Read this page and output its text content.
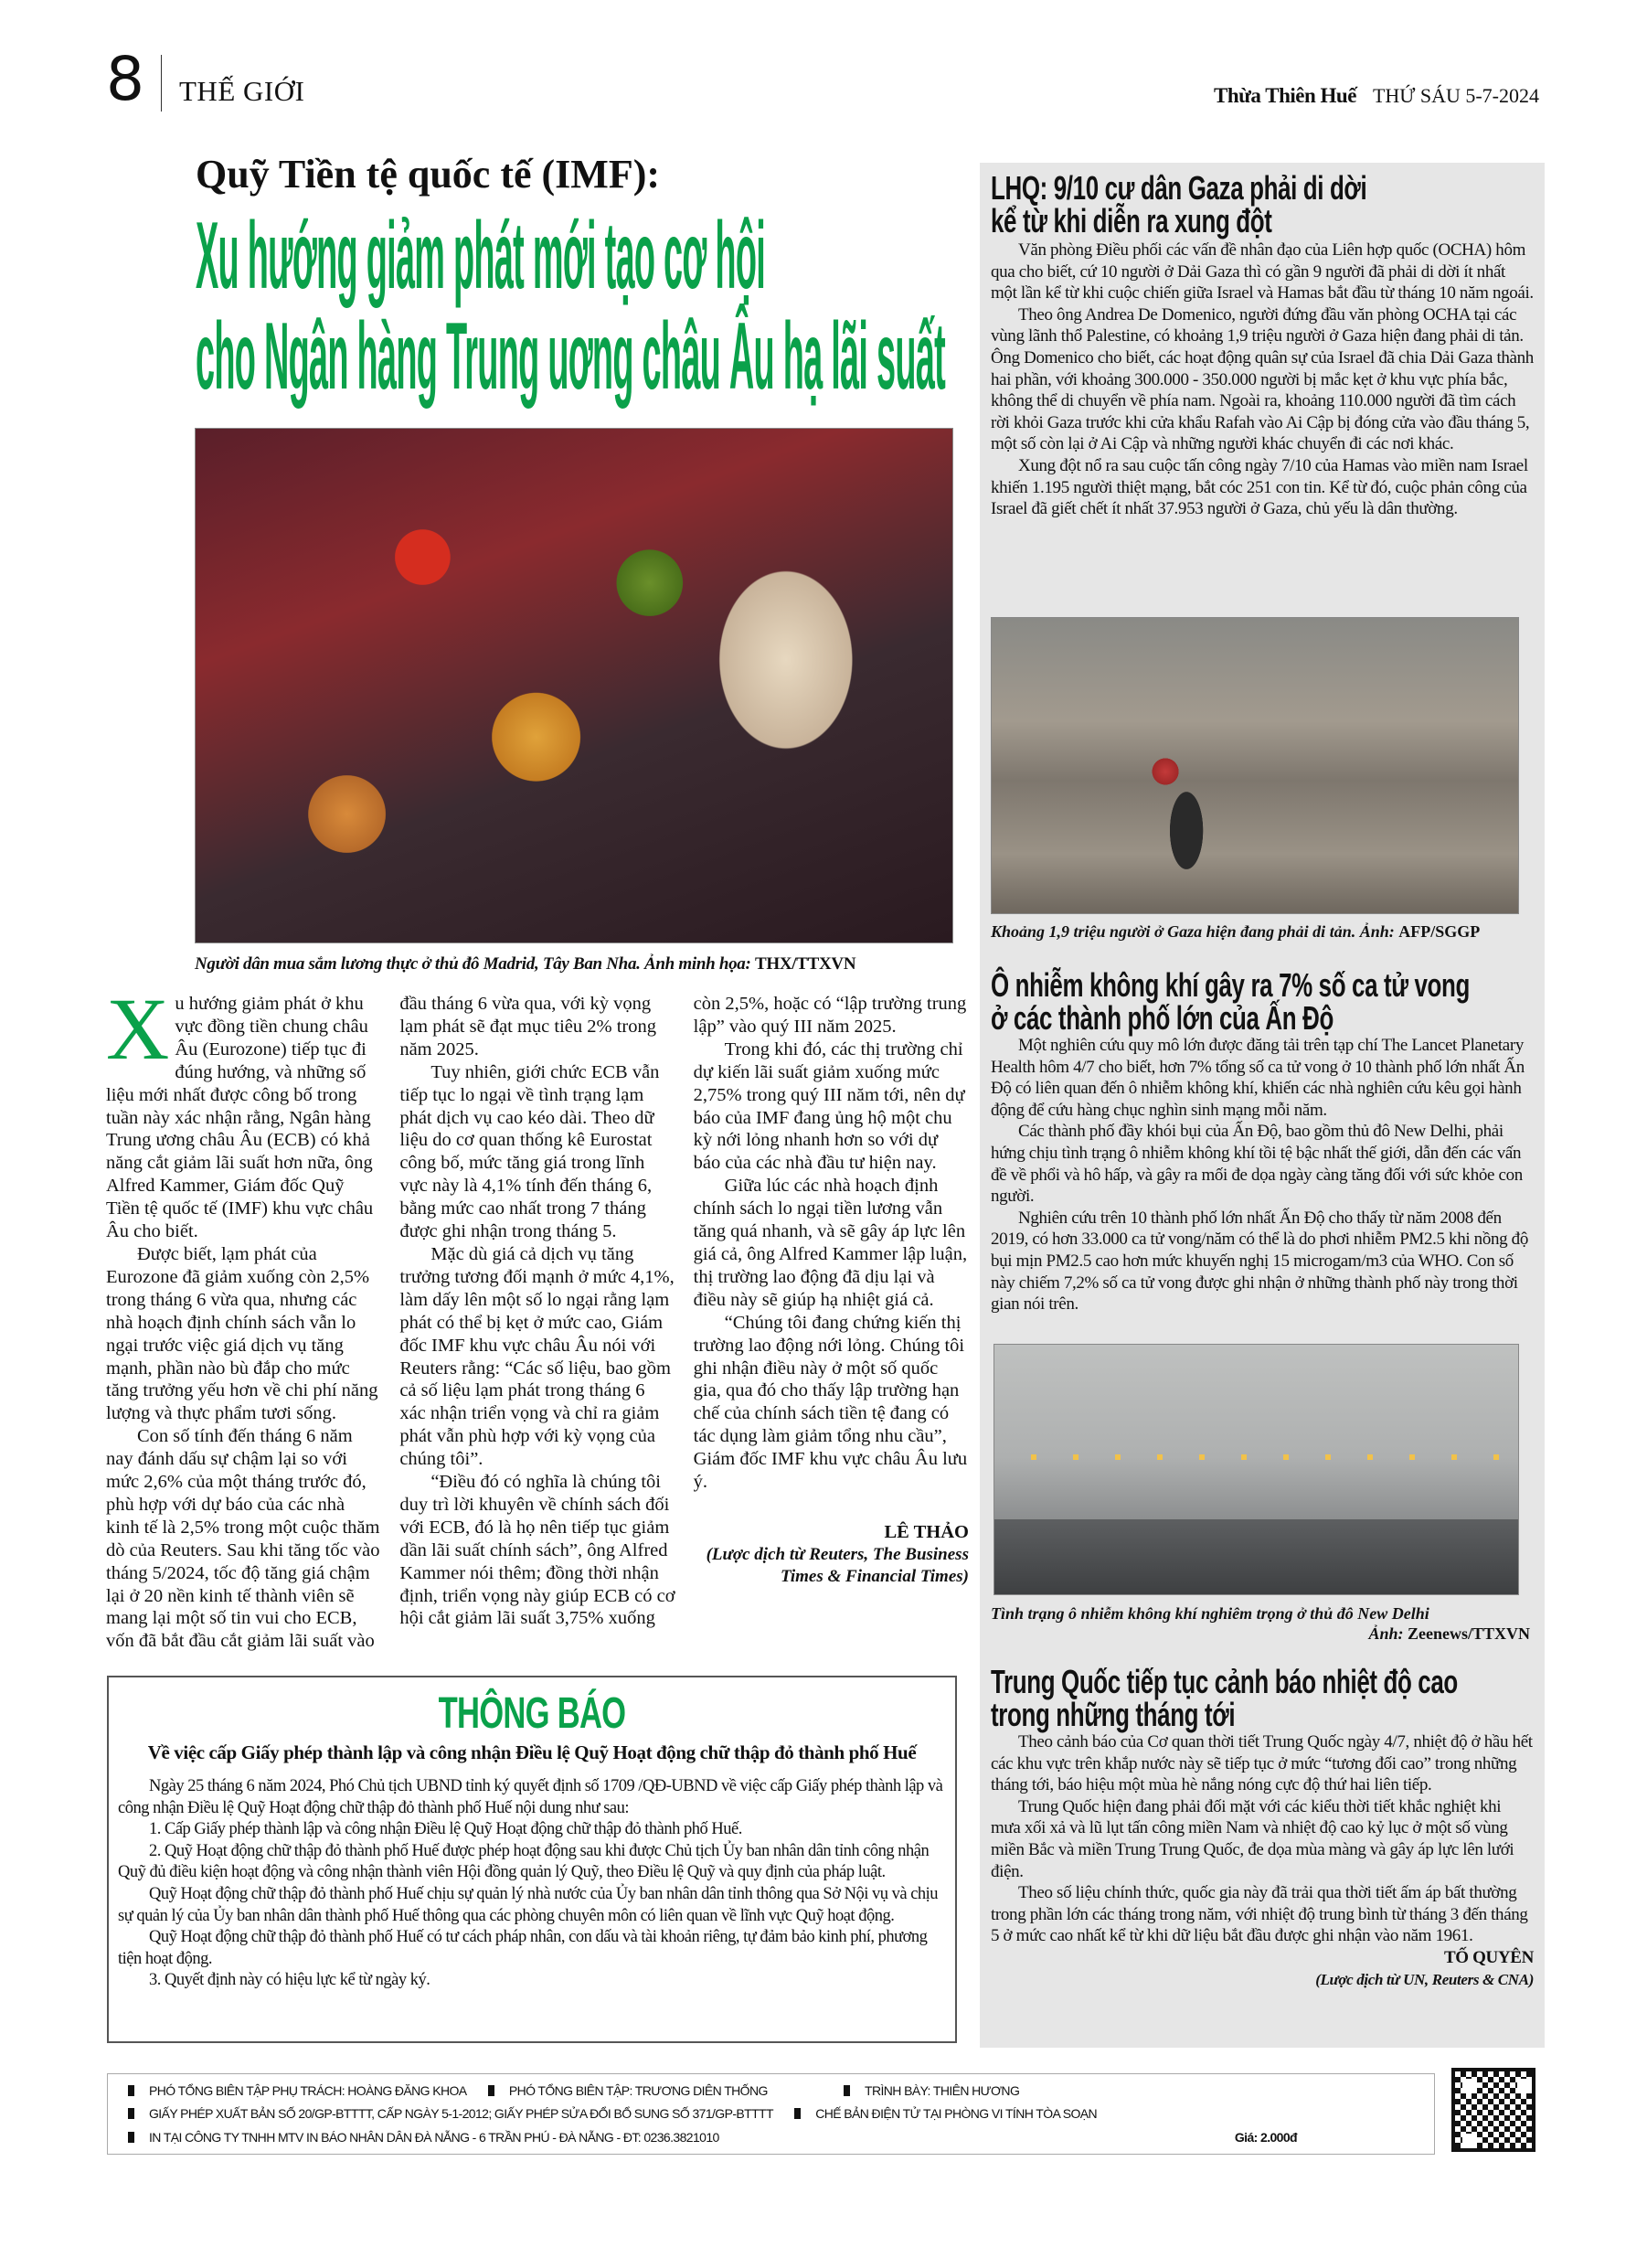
8 THẾ GIỚI	Thừa Thiên Huế THỨ SÁU 5-7-2024
Quỹ Tiền tệ quốc tế (IMF):
Xu hướng giảm phát mới tạo cơ hội
cho Ngân hàng Trung uơng châu Âu hạ lãi suất
Người dân mua sắm lương thực ở thủ đô Madrid, Tây Ban Nha. Ảnh minh họa: THX/TTXVN

Xu hướng giảm phát ở khu vực đồng tiền chung châu Âu (Eurozone) tiếp tục đi đúng hướng, và những số liệu mới nhất được công bố trong tuần này xác nhận rằng, Ngân hàng Trung ương châu Âu (ECB) có khả năng cắt giảm lãi suất hơn nữa, ông Alfred Kammer, Giám đốc Quỹ Tiền tệ quốc tế (IMF) khu vực châu Âu cho biết.

Được biết, lạm phát của Eurozone đã giảm xuống còn 2,5% trong tháng 6 vừa qua, nhưng các nhà hoạch định chính sách vẫn lo ngại trước việc giá dịch vụ tăng mạnh, phần nào bù đắp cho mức tăng trưởng yếu hơn về chi phí năng lượng và thực phẩm tươi sống.

Con số tính đến tháng 6 năm nay đánh dấu sự chậm lại so với mức 2,6% của một tháng trước đó, phù hợp với dự báo của các nhà kinh tế là 2,5% trong một cuộc thăm dò của Reuters. Sau khi tăng tốc vào tháng 5/2024, tốc độ tăng giá chậm lại ở 20 nền kinh tế thành viên sẽ mang lại một số tin vui cho ECB, vốn đã bắt đầu cắt giảm lãi suất vào đầu tháng 6 vừa qua, với kỳ vọng lạm phát sẽ đạt mục tiêu 2% trong năm 2025.

Tuy nhiên, giới chức ECB vẫn tiếp tục lo ngại về tình trạng lạm phát dịch vụ cao kéo dài. Theo dữ liệu do cơ quan thống kê Eurostat công bố, mức tăng giá trong lĩnh vực này là 4,1% tính đến tháng 6, bằng mức cao nhất trong 7 tháng được ghi nhận trong tháng 5.

Mặc dù giá cả dịch vụ tăng trưởng tương đối mạnh ở mức 4,1%, làm dấy lên một số lo ngại rằng lạm phát có thể bị kẹt ở mức cao, Giám đốc IMF khu vực châu Âu nói với Reuters rằng: “Các số liệu, bao gồm cả số liệu lạm phát trong tháng 6 xác nhận triển vọng và chỉ ra giảm phát vẫn phù hợp với kỳ vọng của chúng tôi”.

“Điều đó có nghĩa là chúng tôi duy trì lời khuyên về chính sách đối với ECB, đó là họ nên tiếp tục giảm dần lãi suất chính sách”, ông Alfred Kammer nói thêm; đồng thời nhận định, triển vọng này giúp ECB có cơ hội cắt giảm lãi suất 3,75% xuống còn 2,5%, hoặc có “lập trường trung lập” vào quý III năm 2025.

Trong khi đó, các thị trường chỉ dự kiến lãi suất giảm xuống mức 2,75% trong quý III năm tới, nên dự báo của IMF đang ủng hộ một chu kỳ nới lỏng nhanh hơn so với dự báo của các nhà đầu tư hiện nay.

Giữa lúc các nhà hoạch định chính sách lo ngại tiền lương vẫn tăng quá nhanh, và sẽ gây áp lực lên giá cả, ông Alfred Kammer lập luận, thị trường lao động đã dịu lại và điều này sẽ giúp hạ nhiệt giá cả.

“Chúng tôi đang chứng kiến thị trường lao động nới lỏng. Chúng tôi ghi nhận điều này ở một số quốc gia, qua đó cho thấy lập trường hạn chế của chính sách tiền tệ đang có tác dụng làm giảm tổng nhu cầu”, Giám đốc IMF khu vực châu Âu lưu ý.

LÊ THẢO
(Lược dịch từ Reuters, The Business Times & Financial Times)
LHQ: 9/10 cư dân Gaza phải di dời
kể từ khi diễn ra xung đột

Văn phòng Điều phối các vấn đề nhân đạo của Liên hợp quốc (OCHA) hôm qua cho biết, cứ 10 người ở Dải Gaza thì có gần 9 người đã phải di dời ít nhất một lần kể từ khi cuộc chiến giữa Israel và Hamas bắt đầu từ tháng 10 năm ngoái.

Theo ông Andrea De Domenico, người đứng đầu văn phòng OCHA tại các vùng lãnh thổ Palestine, có khoảng 1,9 triệu người ở Gaza hiện đang phải di tản. Ông Domenico cho biết, các hoạt động quân sự của Israel đã chia Dải Gaza thành hai phần, với khoảng 300.000 - 350.000 người bị mắc kẹt ở khu vực phía bắc, không thể di chuyển về phía nam. Ngoài ra, khoảng 110.000 người đã tìm cách rời khỏi Gaza trước khi cửa khẩu Rafah vào Ai Cập bị đóng cửa vào đầu tháng 5, một số còn lại ở Ai Cập và những người khác chuyển đi các nơi khác.

Xung đột nổ ra sau cuộc tấn công ngày 7/10 của Hamas vào miền nam Israel khiến 1.195 người thiệt mạng, bắt cóc 251 con tin. Kể từ đó, cuộc phản công của Israel đã giết chết ít nhất 37.953 người ở Gaza, chủ yếu là dân thường.

Khoảng 1,9 triệu người ở Gaza hiện đang phải di tản. Ảnh: AFP/SGGP
Ô nhiễm không khí gây ra 7% số ca tử vong
ở các thành phố lớn của Ấn Độ

Một nghiên cứu quy mô lớn được đăng tải trên tạp chí The Lancet Planetary Health hôm 4/7 cho biết, hơn 7% tổng số ca tử vong ở 10 thành phố lớn nhất Ấn Độ có liên quan đến ô nhiễm không khí, khiến các nhà nghiên cứu kêu gọi hành động để cứu hàng chục nghìn sinh mạng mỗi năm.

Các thành phố đầy khói bụi của Ấn Độ, bao gồm thủ đô New Delhi, phải hứng chịu tình trạng ô nhiễm không khí tồi tệ bậc nhất thế giới, dẫn đến các vấn đề về phổi và hô hấp, và gây ra mối đe dọa ngày càng tăng đối với sức khỏe con người.

Nghiên cứu trên 10 thành phố lớn nhất Ấn Độ cho thấy từ năm 2008 đến 2019, có hơn 33.000 ca tử vong/năm có thể là do phơi nhiễm PM2.5 khi nồng độ bụi mịn PM2.5 cao hơn mức khuyến nghị 15 microgam/m3 của WHO. Con số này chiếm 7,2% số ca tử vong được ghi nhận ở những thành phố này trong thời gian nói trên.

Tình trạng ô nhiễm không khí nghiêm trọng ở thủ đô New Delhi
Ảnh: Zeenews/TTXVN
Trung Quốc tiếp tục cảnh báo nhiệt độ cao
trong những tháng tới

Theo cảnh báo của Cơ quan thời tiết Trung Quốc ngày 4/7, nhiệt độ ở hầu hết các khu vực trên khắp nước này sẽ tiếp tục ở mức “tương đối cao” trong những tháng tới, báo hiệu một mùa hè nắng nóng cực độ thứ hai liên tiếp.

Trung Quốc hiện đang phải đối mặt với các kiểu thời tiết khắc nghiệt khi mưa xối xả và lũ lụt tấn công miền Nam và nhiệt độ cao kỷ lục ở một số vùng miền Bắc và miền Trung Trung Quốc, đe dọa mùa màng và gây áp lực lên lưới điện.

Theo số liệu chính thức, quốc gia này đã trải qua thời tiết ấm áp bất thường trong phần lớn các tháng trong năm, với nhiệt độ trung bình từ tháng 3 đến tháng 5 ở mức cao nhất kể từ khi dữ liệu bắt đầu được ghi nhận vào năm 1961.

TỐ QUYÊN
(Lược dịch từ UN, Reuters & CNA)
THÔNG BÁO
Về việc cấp Giấy phép thành lập và công nhận Điều lệ Quỹ Hoạt động chữ thập đỏ thành phố Huế

Ngày 25 tháng 6 năm 2024, Phó Chủ tịch UBND tỉnh ký quyết định số 1709 /QĐ-UBND về việc cấp Giấy phép thành lập và công nhận Điều lệ Quỹ Hoạt động chữ thập đỏ thành phố Huế nội dung như sau:

1. Cấp Giấy phép thành lập và công nhận Điều lệ Quỹ Hoạt động chữ thập đỏ thành phố Huế.

2. Quỹ Hoạt động chữ thập đỏ thành phố Huế được phép hoạt động sau khi được Chủ tịch Ủy ban nhân dân tỉnh công nhận Quỹ đủ điều kiện hoạt động và công nhận thành viên Hội đồng quản lý Quỹ, theo Điều lệ Quỹ và quy định của pháp luật.

Quỹ Hoạt động chữ thập đỏ thành phố Huế chịu sự quản lý nhà nước của Ủy ban nhân dân tỉnh thông qua Sở Nội vụ và chịu sự quản lý của Ủy ban nhân dân thành phố Huế thông qua các phòng chuyên môn có liên quan về lĩnh vực Quỹ hoạt động.

Quỹ Hoạt động chữ thập đỏ thành phố Huế có tư cách pháp nhân, con dấu và tài khoản riêng, tự đảm bảo kinh phí, phương tiện hoạt động.

3. Quyết định này có hiệu lực kể từ ngày ký.

PHÓ TỔNG BIÊN TẬP PHỤ TRÁCH: HOÀNG ĐĂNG KHOA	PHÓ TỔNG BIÊN TẬP: TRƯƠNG DIÊN THỐNG	TRÌNH BÀY: THIÊN HƯƠNG
GIẤY PHÉP XUẤT BẢN SỐ 20/GP-BTTTT, CẤP NGÀY 5-1-2012; GIẤY PHÉP SỬA ĐỔI BỔ SUNG SỐ 371/GP-BTTTT	CHẾ BẢN ĐIỆN TỬ TẠI PHÒNG VI TÍNH TÒA SOẠN
IN TẠI CÔNG TY TNHH MTV IN BÁO NHÂN DÂN ĐÀ NẴNG - 6 TRẦN PHÚ - ĐÀ NẴNG - ĐT: 0236.3821010	Giá: 2.000đ
